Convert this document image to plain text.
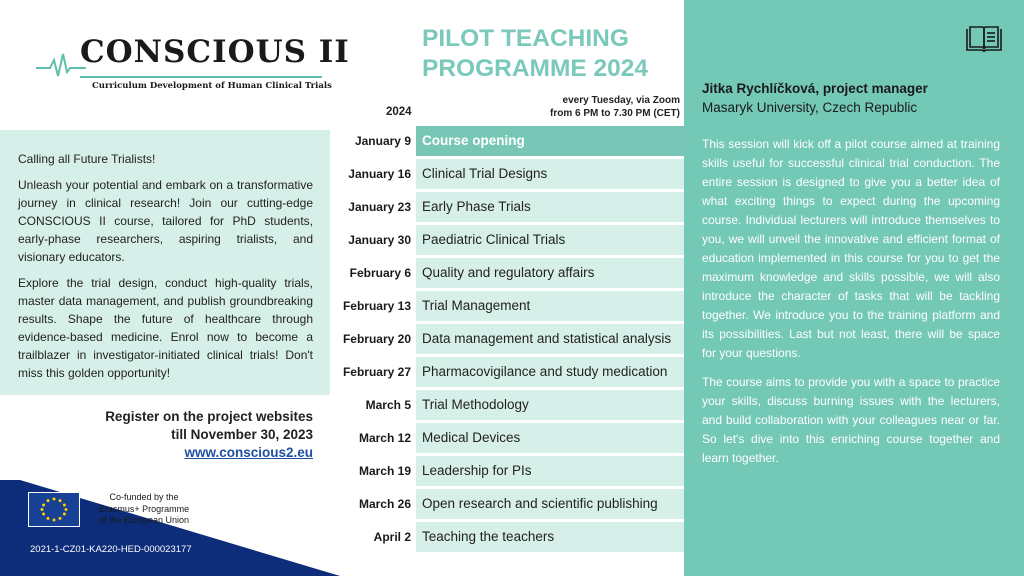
CONSCIOUS II
Curriculum Development of Human Clinical Trials

Calling all Future Trialists!

Unleash your potential and embark on a transformative journey in clinical research! Join our cutting-edge CONSCIOUS II course, tailored for PhD students, early-phase researchers, aspiring trialists, and visionary educators.

Explore the trial design, conduct high-quality trials, master data management, and publish groundbreaking results. Shape the future of healthcare through evidence-based medicine. Enrol now to become a trailblazer in investigator-initiated clinical trials! Don't miss this golden opportunity!

Register on the project websites
till November 30, 2023
www.conscious2.eu
Co-funded by the
Erasmus+ Programme
of the European Union
2021-1-CZ01-KA220-HED-000023177
PILOT TEACHING
PROGRAMME 2024
2024
every Tuesday, via Zoom
from 6 PM to 7.30 PM (CET)
January 9 Course opening
January 16 Clinical Trial Designs
January 23 Early Phase Trials
January 30 Paediatric Clinical Trials
February 6 Quality and regulatory affairs
February 13 Trial Management
February 20 Data management and statistical analysis
February 27 Pharmacovigilance and study medication
March 5 Trial Methodology
March 12 Medical Devices
March 19 Leadership for PIs
March 26 Open research and scientific publishing
April 2 Teaching the teachers
Jitka Rychlíčková, project manager
Masaryk University, Czech Republic

This session will kick off a pilot course aimed at training skills useful for successful clinical trial conduction. The entire session is designed to give you a better idea of what exciting things to expect during the upcoming course. Individual lecturers will introduce themselves to you, we will unveil the innovative and efficient format of education implemented in this course for you to get the maximum knowledge and skills possible, we will also introduce the character of tasks that will be tackling together. We introduce you to the training platform and its possibilities. Last but not least, there will be space for your questions.

The course aims to provide you with a space to practice your skills, discuss burning issues with the lecturers, and build collaboration with your colleagues near or far. So let's dive into this enriching course together and learn together.
